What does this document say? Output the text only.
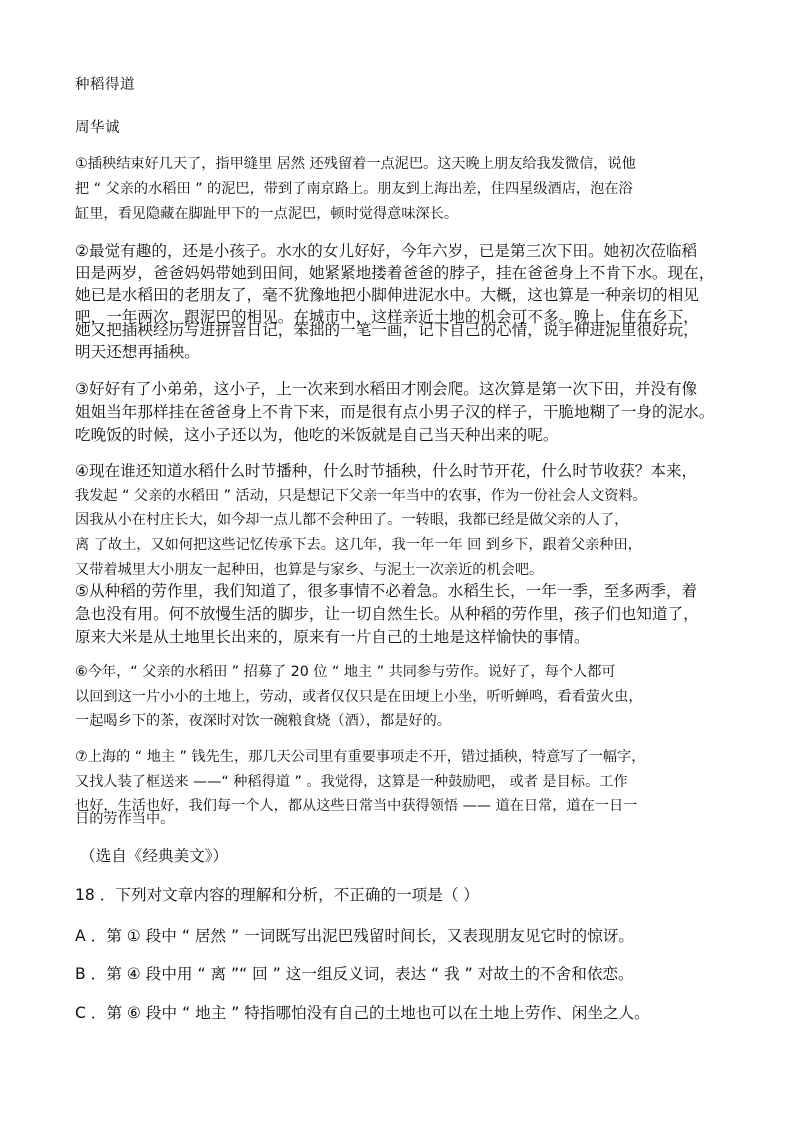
种稻得道

周华诚

①插秧结束好几天了，指甲缝里 居然 还残留着一点泥巴。这天晚上朋友给我发微信，说他

把 “ 父亲的水稻田 ” 的泥巴，带到了南京路上。朋友到上海出差，住四星级酒店，泡在浴

缸里，看见隐藏在脚趾甲下的一点泥巴，顿时觉得意味深长。

②最觉有趣的，还是小孩子。水水的女儿好好，今年六岁，已是第三次下田。她初次莅临稻

田是两岁，爸爸妈妈带她到田间，她紧紧地搂着爸爸的脖子，挂在爸爸身上不肯下水。现在，

她已是水稻田的老朋友了，毫不犹豫地把小脚伸进泥水中。大概，这也算是一种亲切的相见

吧，一年两次，跟泥巴的相见。在城市中，这样亲近土地的机会可不多。晚上，住在乡下，

她又把插秧经历写进拼音日记，笨拙的一笔一画，记下自己的心情，说手伸进泥里很好玩，

明天还想再插秧。

③好好有了小弟弟，这小子，上一次来到水稻田才刚会爬。这次算是第一次下田，并没有像

姐姐当年那样挂在爸爸身上不肯下来，而是很有点小男子汉的样子，干脆地糊了一身的泥水。

吃晚饭的时候，这小子还以为，他吃的米饭就是自己当天种出来的呢。

④现在谁还知道水稻什么时节播种，什么时节插秧，什么时节开花，什么时节收获？本来，

我发起 “ 父亲的水稻田 ” 活动，只是想记下父亲一年当中的农事，作为一份社会人文资料。

因我从小在村庄长大，如今却一点儿都不会种田了。一转眼，我都已经是做父亲的人了，

离 了故土，又如何把这些记忆传承下去。这几年，我一年一年 回 到乡下，跟着父亲种田，

又带着城里大小朋友一起种田，也算是与家乡、与泥土一次亲近的机会吧。

⑤从种稻的劳作里，我们知道了，很多事情不必着急。水稻生长，一年一季，至多两季，着

急也没有用。何不放慢生活的脚步，让一切自然生长。从种稻的劳作里，孩子们也知道了，

原来大米是从土地里长出来的，原来有一片自己的土地是这样愉快的事情。

⑥今年，“ 父亲的水稻田 ” 招募了 20 位 “ 地主 ” 共同参与劳作。说好了，每个人都可

以回到这一片小小的土地上，劳动，或者仅仅只是在田埂上小坐，听听蝉鸣，看看萤火虫，

一起喝乡下的茶，夜深时对饮一碗粮食烧（酒），都是好的。

⑦上海的 “ 地主 ” 钱先生，那几天公司里有重要事项走不开，错过插秧，特意写了一幅字，

又找人装了框送来 ——“ 种稻得道 ” 。我觉得，这算是一种鼓励吧， 或者 是目标。工作

也好，生活也好，我们每一个人，都从这些日常当中获得领悟 —— 道在日常，道在一日一

日的劳作当中。

（选自《经典美文》）

18 ．下列对文章内容的理解和分析，不正确的一项是（ ）

A ．第 ① 段中 “ 居然 ” 一词既写出泥巴残留时间长，又表现朋友见它时的惊讶。

B ．第 ④ 段中用 “ 离 ”“ 回 ” 这一组反义词，表达 “ 我 ” 对故土的不舍和依恋。

C ．第 ⑥ 段中 “ 地主 ” 特指哪怕没有自己的土地也可以在土地上劳作、闲坐之人。
